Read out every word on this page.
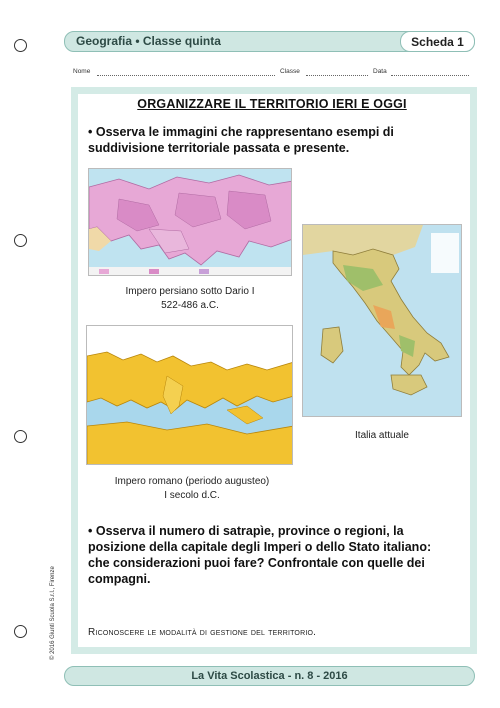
Geografia • Classe quinta	Scheda 1
Nome	Classe	Data
ORGANIZZARE IL TERRITORIO IERI E OGGI
• Osserva le immagini che rappresentano esempi di
suddivisione territoriale passata e presente.
Impero persiano sotto Dario I
522-486 a.C.
Italia attuale
Impero romano (periodo augusteo)
I secolo d.C.
• Osserva il numero di satrapìe, province o regioni, la
posizione della capitale degli Imperi o dello Stato italiano:
che considerazioni puoi fare? Confrontale con quelle dei
compagni.
Riconoscere le modalità di gestione del territorio.
© 2016 Giunti Scuola S.r.l., Firenze
La Vita Scolastica - n. 8 - 2016
